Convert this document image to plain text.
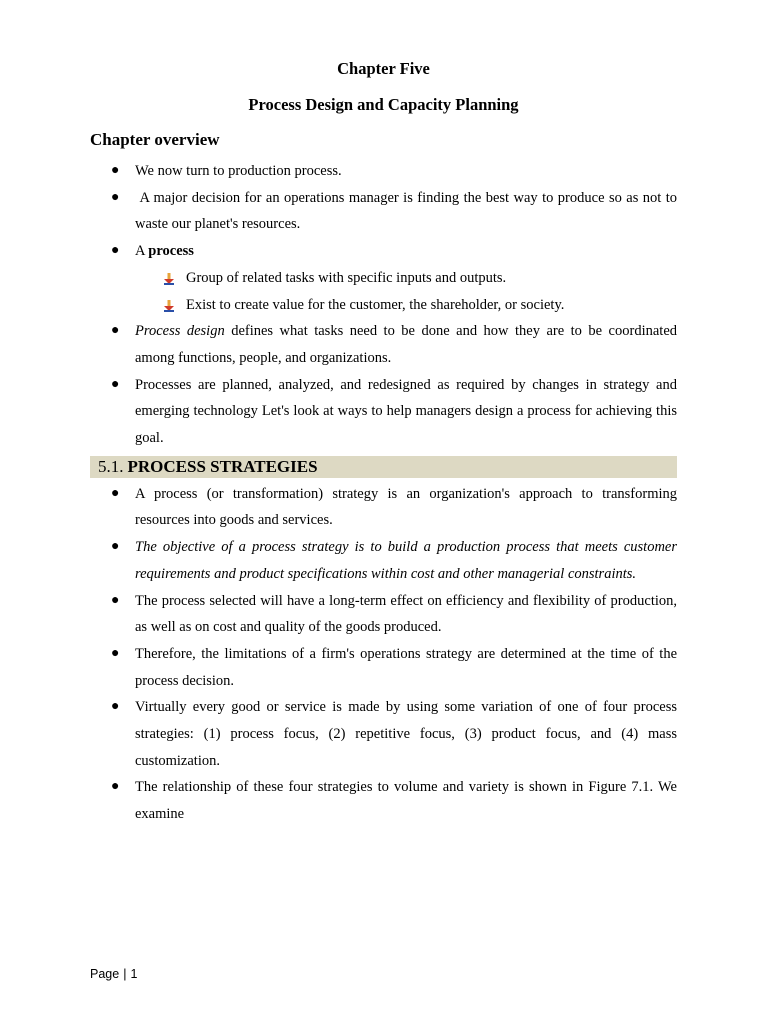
Chapter Five
Process Design and Capacity Planning
Chapter overview
● We now turn to production process.
● A major decision for an operations manager is finding the best way to produce so as not to waste our planet's resources.
● A process
Group of related tasks with specific inputs and outputs.
Exist to create value for the customer, the shareholder, or society.
● Process design defines what tasks need to be done and how they are to be coordinated among functions, people, and organizations.
● Processes are planned, analyzed, and redesigned as required by changes in strategy and emerging technology Let's look at ways to help managers design a process for achieving this goal.
5.1. PROCESS STRATEGIES
● A process (or transformation) strategy is an organization's approach to transforming resources into goods and services.
● The objective of a process strategy is to build a production process that meets customer requirements and product specifications within cost and other managerial constraints.
● The process selected will have a long-term effect on efficiency and flexibility of production, as well as on cost and quality of the goods produced.
● Therefore, the limitations of a firm's operations strategy are determined at the time of the process decision.
● Virtually every good or service is made by using some variation of one of four process strategies: (1) process focus, (2) repetitive focus, (3) product focus, and (4) mass customization.
● The relationship of these four strategies to volume and variety is shown in Figure 7.1. We examine
Page | 1
